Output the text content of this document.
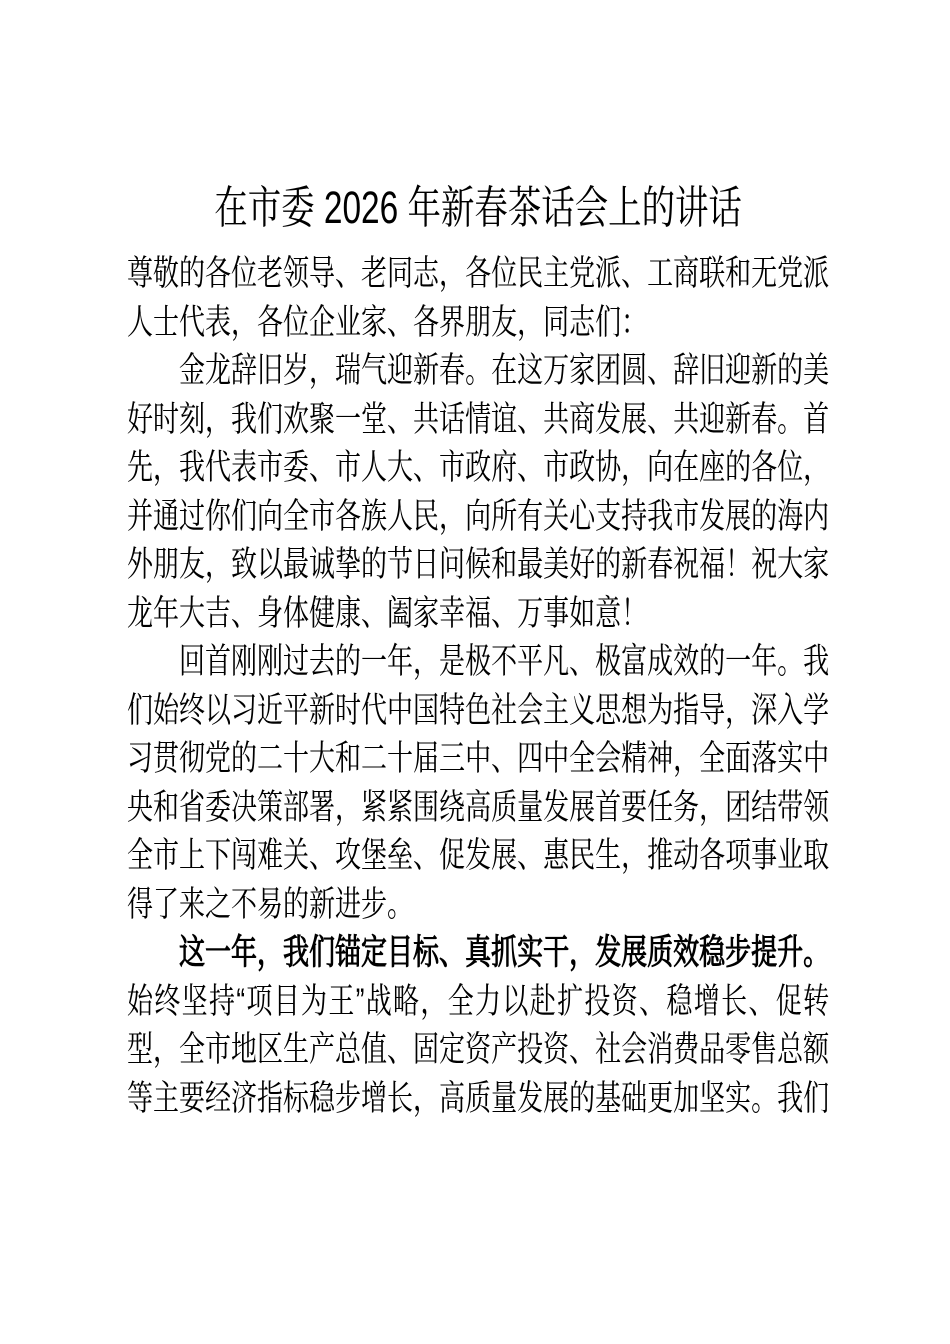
在市委 2026 年新春茶话会上的讲话

尊敬的各位老领导、老同志，各位民主党派、工商联和无党派人士代表，各位企业家、各界朋友，同志们：

金龙辞旧岁，瑞气迎新春。在这万家团圆、辞旧迎新的美好时刻，我们欢聚一堂、共话情谊、共商发展、共迎新春。首先，我代表市委、市人大、市政府、市政协，向在座的各位，并通过你们向全市各族人民，向所有关心支持我市发展的海内外朋友，致以最诚挚的节日问候和最美好的新春祝福！祝大家龙年大吉、身体健康、阖家幸福、万事如意！

回首刚刚过去的一年，是极不平凡、极富成效的一年。我们始终以习近平新时代中国特色社会主义思想为指导，深入学习贯彻党的二十大和二十届三中、四中全会精神，全面落实中央和省委决策部署，紧紧围绕高质量发展首要任务，团结带领全市上下闯难关、攻堡垒、促发展、惠民生，推动各项事业取得了来之不易的新进步。

这一年，我们锚定目标、真抓实干，发展质效稳步提升。始终坚持“项目为王”战略，全力以赴扩投资、稳增长、促转型，全市地区生产总值、固定资产投资、社会消费品零售总额等主要经济指标稳步增长，高质量发展的基础更加坚实。我们
